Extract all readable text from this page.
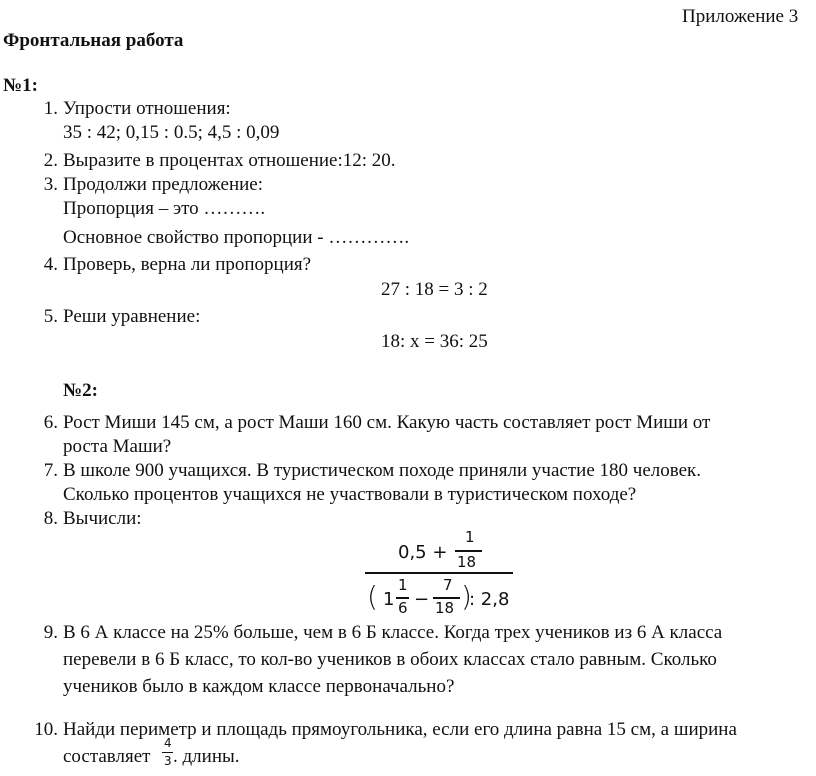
Приложение 3
Фронтальная работа
№1:
1. Упрости отношения:
35 : 42; 0,15 : 0.5; 4,5 : 0,09
2. Выразите в процентах отношение:12: 20.
3. Продолжи предложение:
Пропорция – это ……….
Основное свойство пропорции - ………….
4. Проверь, верна ли пропорция?
27 : 18 = 3 : 2
5. Реши уравнение:
18: x = 36: 25
№2:
6. Рост Миши 145 см, а рост Маши 160 см. Какую часть составляет рост Миши от
роста Маши?
7. В школе 900 учащихся. В туристическом походе приняли участие 180 человек.
Сколько процентов учащихся не участвовали в туристическом походе?
8. Вычисли:
0,5 +
1
18
( 1
1
6 −
7
18 )
: 2,8
9. В 6 А классе на 25% больше, чем в 6 Б классе. Когда трех учеников из 6 А класса
перевели в 6 Б класс, то кол-во учеников в обоих классах стало равным. Сколько
учеников было в каждом классе первоначально?
10. Найди периметр и площадь прямоугольника, если его длина равна 15 см, а ширина
составляет
4
3 . длины.
